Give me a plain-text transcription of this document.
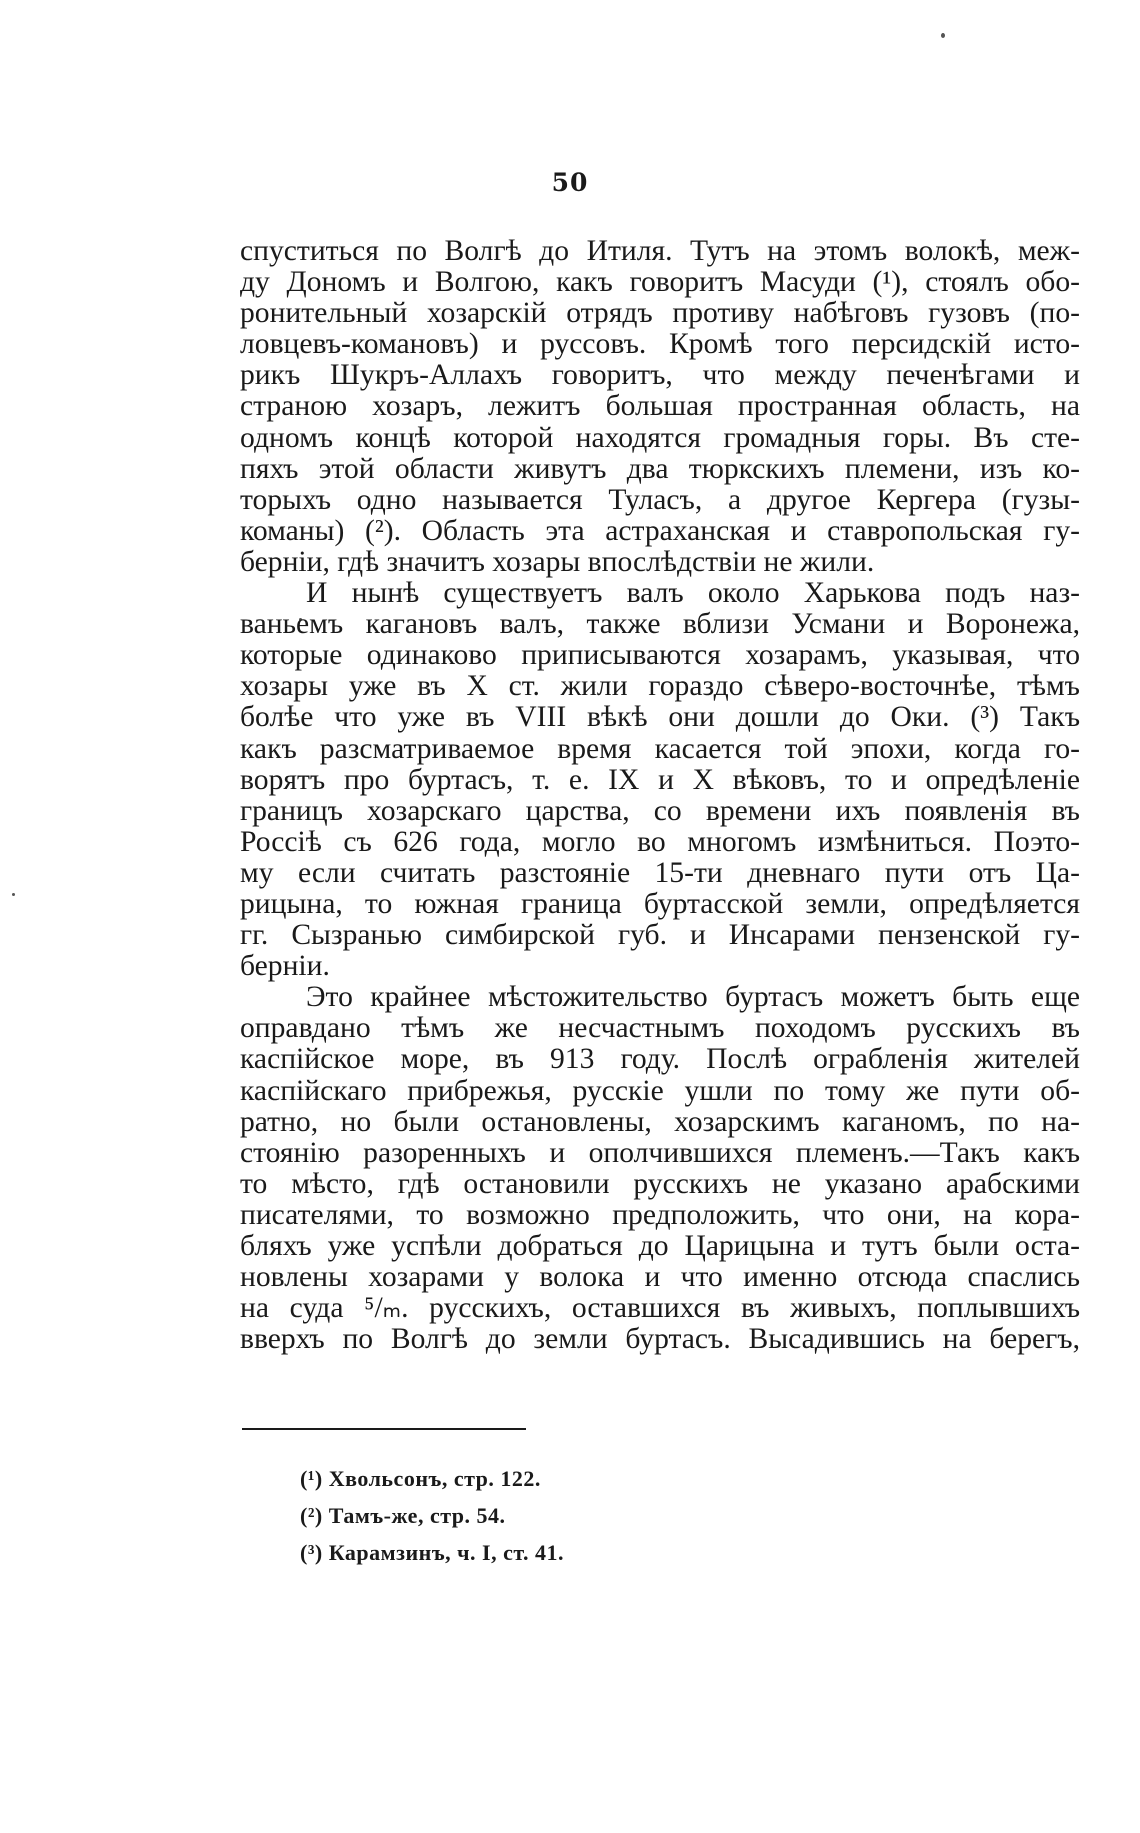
50

спуститься по Волгѣ до Итиля. Тутъ на этомъ волокѣ, меж-
ду Дономъ и Волгою, какъ говоритъ Масуди (¹), стоялъ обо-
ронительный хозарскій отрядъ противу набѣговъ гузовъ (по-
ловцевъ-комановъ) и руссовъ. Кромѣ того персидскій исто-
рикъ Шукръ-Аллахъ говоритъ, что между печенѣгами и
страною хозаръ, лежитъ большая пространная область, на
одномъ концѣ которой находятся громадныя горы. Въ сте-
пяхъ этой области живутъ два тюркскихъ племени, изъ ко-
торыхъ одно называется Туласъ, а другое Кергера (гузы-
команы) (²). Область эта астраханская и ставропольская гу-
берніи, гдѣ значитъ хозары впослѣдствіи не жили.

И нынѣ существуетъ валъ около Харькова подъ наз-
ваньемъ кагановъ валъ, также вблизи Усмани и Воронежа,
которые одинаково приписываются хозарамъ, указывая, что
хозары уже въ X ст. жили гораздо сѣверо-восточнѣе, тѣмъ
болѣе что уже въ VIII вѣкѣ они дошли до Оки. (³) Такъ
какъ разсматриваемое время касается той эпохи, когда го-
ворятъ про буртасъ, т. е. IX и X вѣковъ, то и опредѣленіе
границъ хозарскаго царства, со времени ихъ появленія въ
Россіѣ съ 626 года, могло во многомъ измѣниться. Поэто-
му если считать разстояніе 15-ти дневнаго пути отъ Ца-
рицына, то южная граница буртасской земли, опредѣляется
гг. Сызранью симбирской губ. и Инсарами пензенской гу-
берніи.

Это крайнее мѣстожительство буртасъ можетъ быть еще
оправдано тѣмъ же несчастнымъ походомъ русскихъ въ
каспійское море, въ 913 году. Послѣ ограбленія жителей
каспійскаго прибрежья, русскіе ушли по тому же пути об-
ратно, но были остановлены, хозарскимъ каганомъ, по на-
стоянію разоренныхъ и ополчившихся племенъ.—Такъ какъ
то мѣсто, гдѣ остановили русскихъ не указано арабскими
писателями, то возможно предположить, что они, на кора-
бляхъ уже успѣли добраться до Царицына и тутъ были оста-
новлены хозарами у волока и что именно отсюда спаслись
на суда ⁵/ₘ. русскихъ, оставшихся въ живыхъ, поплывшихъ
вверхъ по Волгѣ до земли буртасъ. Высадившись на берегъ,

(¹) Хвольсонъ, стр. 122.
(²) Тамъ-же, стр. 54.
(³) Карамзинъ, ч. I, ст. 41.
